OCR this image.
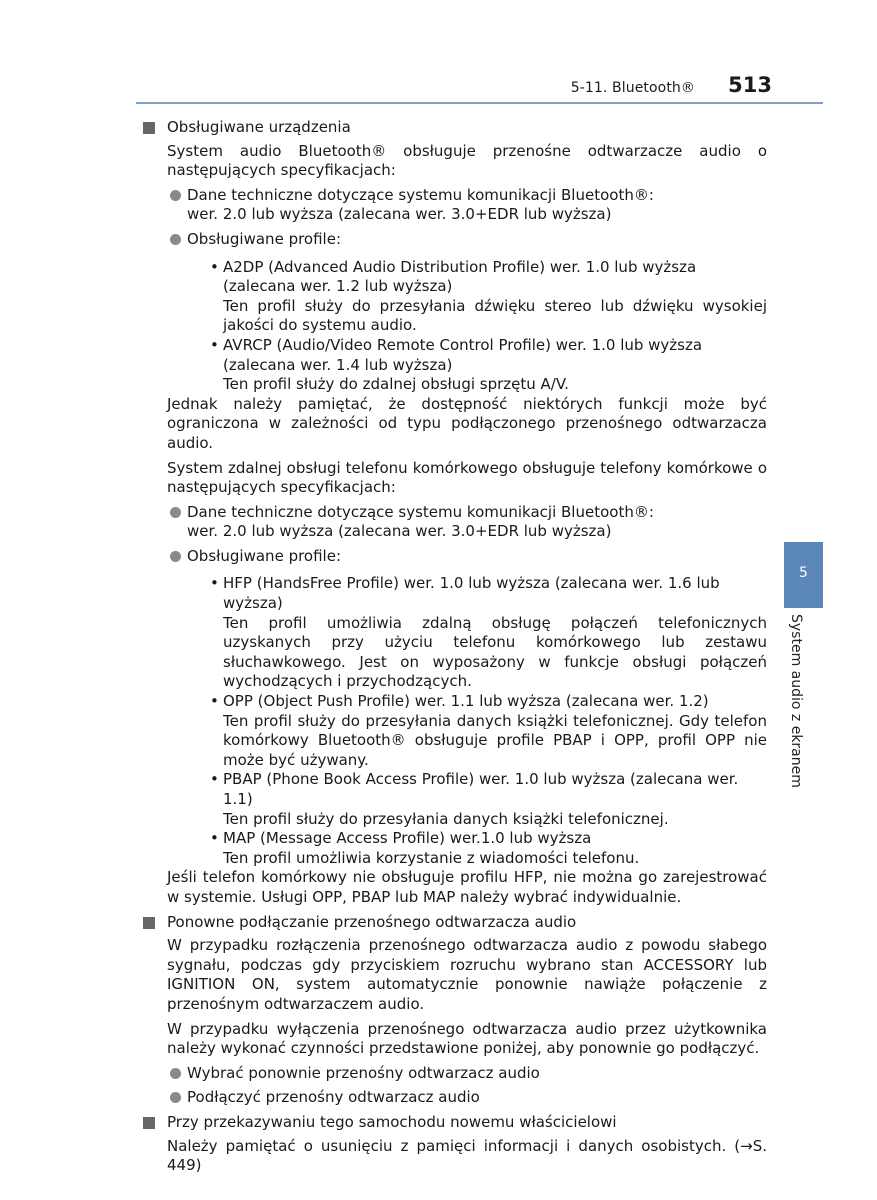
5-11. Bluetooth® 513
5
System audio z ekranem
Obsługiwane urządzenia

System audio Bluetooth® obsługuje przenośne odtwarzacze audio o następujących specyfikacjach:

Dane techniczne dotyczące systemu komunikacji Bluetooth®:
wer. 2.0 lub wyższa (zalecana wer. 3.0+EDR lub wyższa)
Obsługiwane profile:
• A2DP (Advanced Audio Distribution Profile) wer. 1.0 lub wyższa
(zalecana wer. 1.2 lub wyższa)
Ten profil służy do przesyłania dźwięku stereo lub dźwięku wysokiej jakości do systemu audio.
• AVRCP (Audio/Video Remote Control Profile) wer. 1.0 lub wyższa
(zalecana wer. 1.4 lub wyższa)
Ten profil służy do zdalnej obsługi sprzętu A/V.

Jednak należy pamiętać, że dostępność niektórych funkcji może być ograniczona w zależności od typu podłączonego przenośnego odtwarzacza audio.

System zdalnej obsługi telefonu komórkowego obsługuje telefony komórkowe o następujących specyfikacjach:

Dane techniczne dotyczące systemu komunikacji Bluetooth®:
wer. 2.0 lub wyższa (zalecana wer. 3.0+EDR lub wyższa)
Obsługiwane profile:
• HFP (HandsFree Profile) wer. 1.0 lub wyższa (zalecana wer. 1.6 lub wyższa)
Ten profil umożliwia zdalną obsługę połączeń telefonicznych uzyskanych przy użyciu telefonu komórkowego lub zestawu słuchawkowego. Jest on wyposażony w funkcje obsługi połączeń wychodzących i przychodzących.
• OPP (Object Push Profile) wer. 1.1 lub wyższa (zalecana wer. 1.2)
Ten profil służy do przesyłania danych książki telefonicznej. Gdy telefon komórkowy Bluetooth® obsługuje profile PBAP i OPP, profil OPP nie może być używany.
• PBAP (Phone Book Access Profile) wer. 1.0 lub wyższa (zalecana wer. 1.1)
Ten profil służy do przesyłania danych książki telefonicznej.
• MAP (Message Access Profile) wer.1.0 lub wyższa
Ten profil umożliwia korzystanie z wiadomości telefonu.

Jeśli telefon komórkowy nie obsługuje profilu HFP, nie można go zarejestrować w systemie. Usługi OPP, PBAP lub MAP należy wybrać indywidualnie.

Ponowne podłączanie przenośnego odtwarzacza audio

W przypadku rozłączenia przenośnego odtwarzacza audio z powodu słabego sygnału, podczas gdy przyciskiem rozruchu wybrano stan ACCESSORY lub IGNITION ON, system automatycznie ponownie nawiąże połączenie z przenośnym odtwarzaczem audio.

W przypadku wyłączenia przenośnego odtwarzacza audio przez użytkownika należy wykonać czynności przedstawione poniżej, aby ponownie go podłączyć.

Wybrać ponownie przenośny odtwarzacz audio
Podłączyć przenośny odtwarzacz audio
Przy przekazywaniu tego samochodu nowemu właścicielowi

Należy pamiętać o usunięciu z pamięci informacji i danych osobistych. (→S. 449)
